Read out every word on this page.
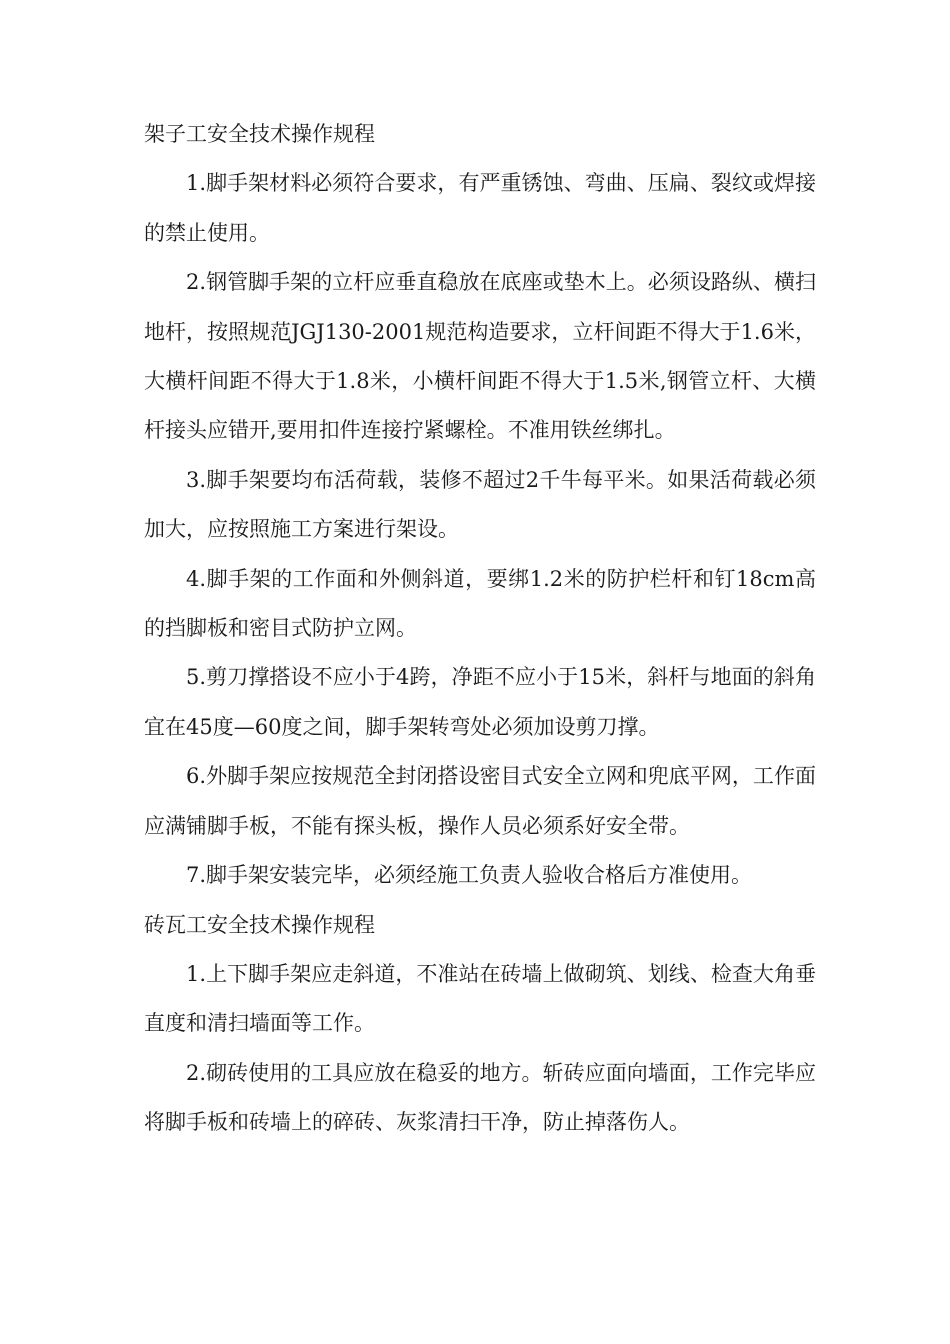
架子工安全技术操作规程

1.脚手架材料必须符合要求，有严重锈蚀、弯曲、压扁、裂纹或焊接的禁止使用。

2.钢管脚手架的立杆应垂直稳放在底座或垫木上。必须设路纵、横扫地杆，按照规范JGJ130-2001规范构造要求，立杆间距不得大于1.6米，大横杆间距不得大于1.8米，小横杆间距不得大于1.5米,钢管立杆、大横杆接头应错开,要用扣件连接拧紧螺栓。不准用铁丝绑扎。

3.脚手架要均布活荷载，装修不超过2千牛每平米。如果活荷载必须加大，应按照施工方案进行架设。

4.脚手架的工作面和外侧斜道，要绑1.2米的防护栏杆和钉18cm高的挡脚板和密目式防护立网。

5.剪刀撑搭设不应小于4跨，净距不应小于15米，斜杆与地面的斜角宜在45度—60度之间，脚手架转弯处必须加设剪刀撑。

6.外脚手架应按规范全封闭搭设密目式安全立网和兜底平网，工作面应满铺脚手板，不能有探头板，操作人员必须系好安全带。

7.脚手架安装完毕，必须经施工负责人验收合格后方准使用。

砖瓦工安全技术操作规程

1.上下脚手架应走斜道，不准站在砖墙上做砌筑、划线、检查大角垂直度和清扫墙面等工作。

2.砌砖使用的工具应放在稳妥的地方。斩砖应面向墙面，工作完毕应将脚手板和砖墙上的碎砖、灰浆清扫干净，防止掉落伤人。
